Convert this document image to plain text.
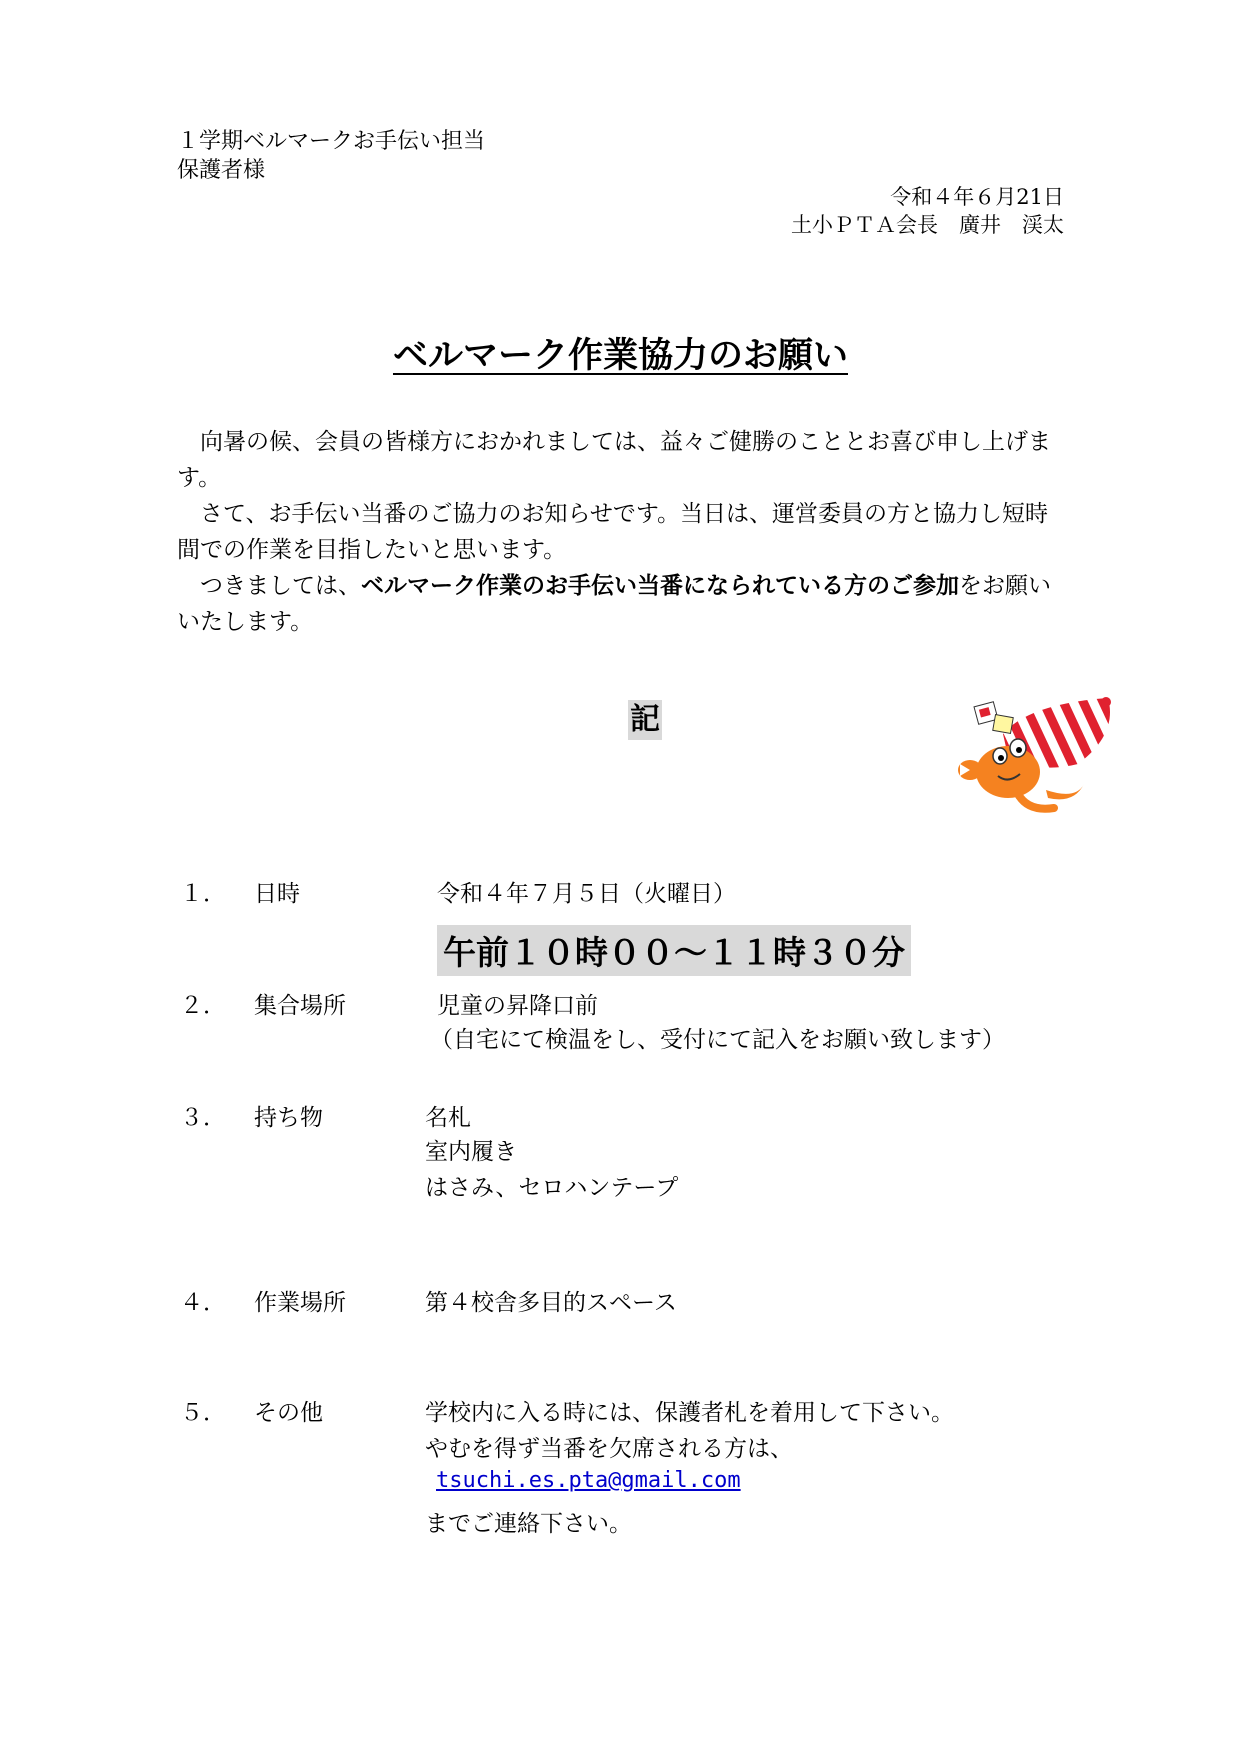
１学期ベルマークお手伝い担当
保護者様
令和４年６月21日
土小ＰＴＡ会長　廣井　渓太
ベルマーク作業協力のお願い

向暑の候、会員の皆様方におかれましては、益々ご健勝のこととお喜び申し上げます。

さて、お手伝い当番のご協力のお知らせです。当日は、運営委員の方と協力し短時間での作業を目指したいと思います。

つきましては、ベルマーク作業のお手伝い当番になられている方のご参加をお願いいたします。

記
１． 日時	令和４年７月５日（火曜日）
午前１０時００～１１時３０分
２． 集合場所	児童の昇降口前
（自宅にて検温をし、受付にて記入をお願い致します）
３． 持ち物	名札
室内履き
はさみ、セロハンテープ
４． 作業場所	第４校舎多目的スペース
５． その他	学校内に入る時には、保護者札を着用して下さい。
やむを得ず当番を欠席される方は、
tsuchi.es.pta@gmail.com
までご連絡下さい。
